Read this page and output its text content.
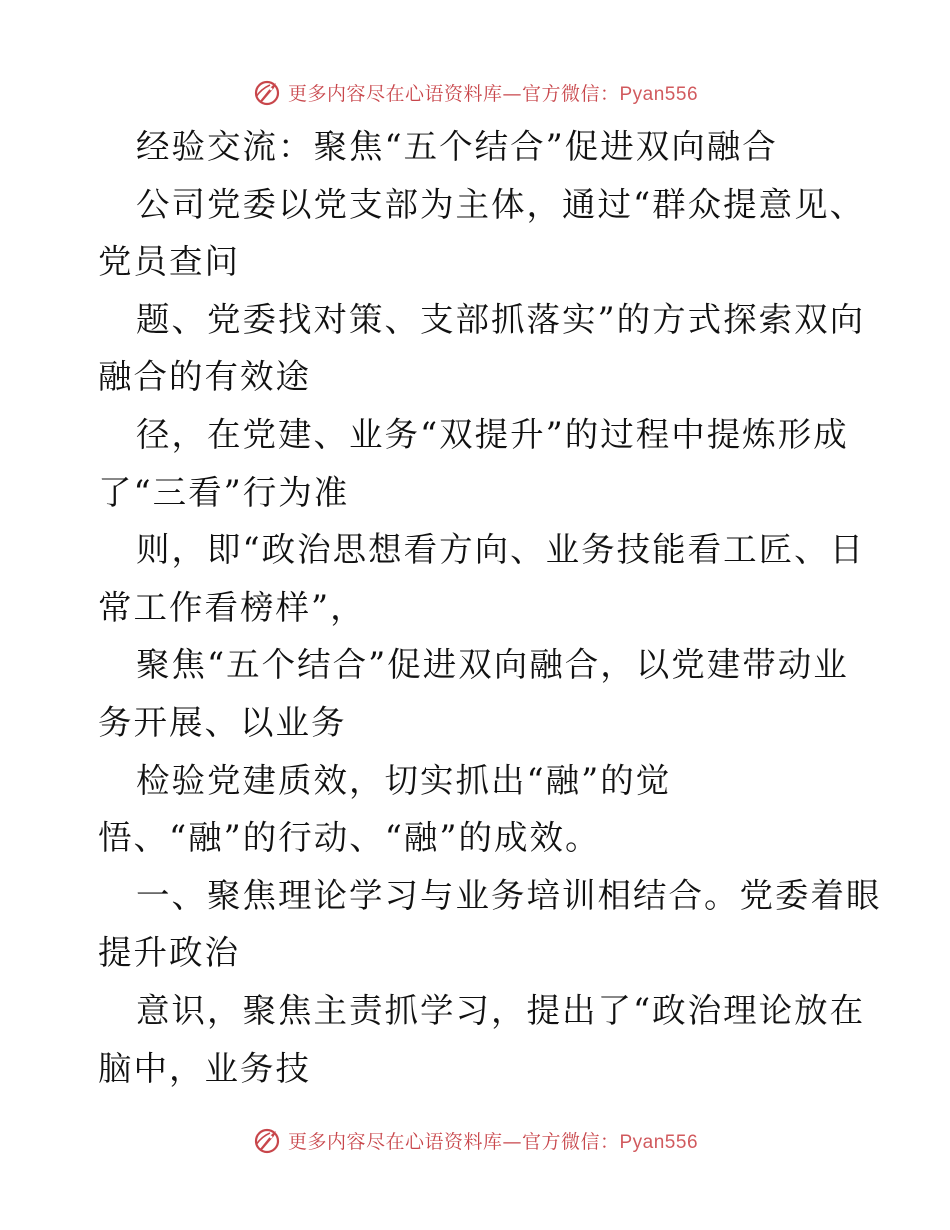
更多内容尽在心语资料库—官方微信：Pyan556
经验交流：聚焦“五个结合”促进双向融合
公司党委以党支部为主体，通过“群众提意见、
党员查问
题、党委找对策、支部抓落实”的方式探索双向
融合的有效途
径，在党建、业务“双提升”的过程中提炼形成
了“三看”行为准
则，即“政治思想看方向、业务技能看工匠、日
常工作看榜样”，
聚焦“五个结合”促进双向融合，以党建带动业
务开展、以业务
检验党建质效，切实抓出“融”的觉
悟、“融”的行动、“融”的成效。
一、聚焦理论学习与业务培训相结合。党委着眼
提升政治
意识，聚焦主责抓学习，提出了“政治理论放在
脑中，业务技
更多内容尽在心语资料库—官方微信：Pyan556
